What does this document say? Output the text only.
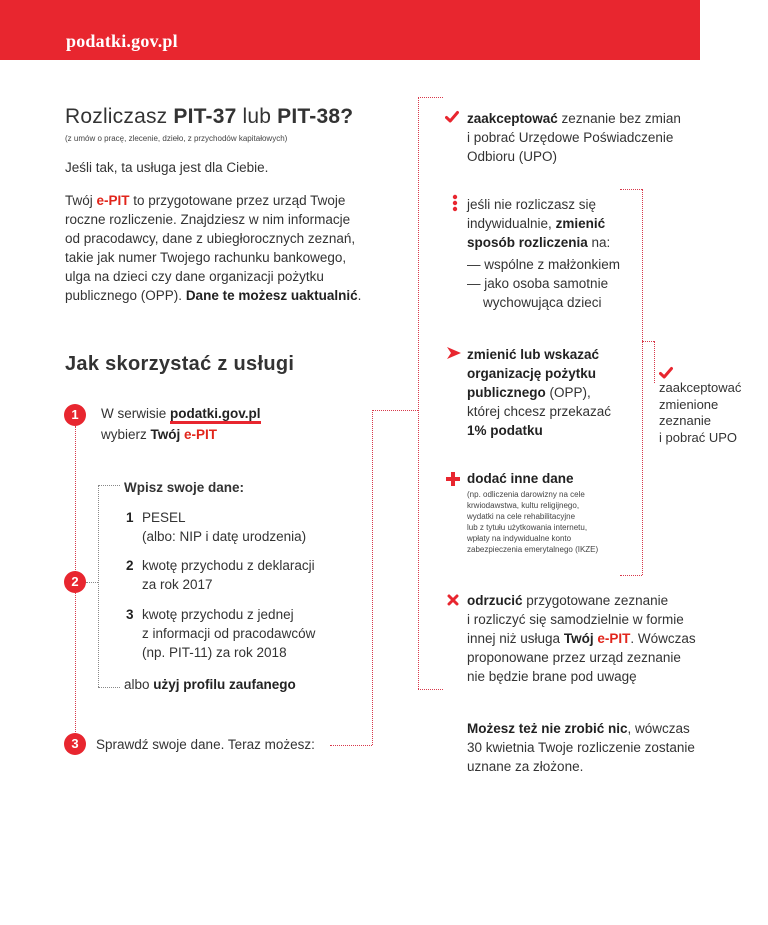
podatki.gov.pl
Rozliczasz PIT-37 lub PIT-38?
(z umów o pracę, zlecenie, dzieło, z przychodów kapitałowych)
Jeśli tak, ta usługa jest dla Ciebie.
Twój e-PIT to przygotowane przez urząd Twoje
roczne rozliczenie. Znajdziesz w nim informacje
od pracodawcy, dane z ubiegłorocznych zeznań,
takie jak numer Twojego rachunku bankowego,
ulga na dzieci czy dane organizacji pożytku
publicznego (OPP). Dane te możesz uaktualnić.
Jak skorzystać z usługi
1	W serwisie podatki.gov.pl
wybierz Twój e-PIT
2
Wpisz swoje dane:
1 PESEL
(albo: NIP i datę urodzenia)
2 kwotę przychodu z deklaracji
za rok 2017
3 kwotę przychodu z jednej
z informacji od pracodawców
(np. PIT-11) za rok 2018
albo użyj profilu zaufanego
3	Sprawdź swoje dane. Teraz możesz:
zaakceptować zeznanie bez zmian
i pobrać Urzędowe Poświadczenie
Odbioru (UPO)
jeśli nie rozliczasz się
indywidualnie, zmienić
sposób rozliczenia na:
— wspólne z małżonkiem
— jako osoba samotnie
wychowująca dzieci
zmienić lub wskazać
organizację pożytku
publicznego (OPP),
której chcesz przekazać
1% podatku
dodać inne dane
(np. odliczenia darowizny na cele
krwiodawstwa, kultu religijnego,
wydatki na cele rehabilitacyjne
lub z tytułu użytkowania internetu,
wpłaty na indywidualne konto
zabezpieczenia emerytalnego (IKZE)
odrzucić przygotowane zeznanie
i rozliczyć się samodzielnie w formie
innej niż usługa Twój e-PIT. Wówczas
proponowane przez urząd zeznanie
nie będzie brane pod uwagę
zaakceptować
zmienione
zeznanie
i pobrać UPO
Możesz też nie zrobić nic, wówczas
30 kwietnia Twoje rozliczenie zostanie
uznane za złożone.
